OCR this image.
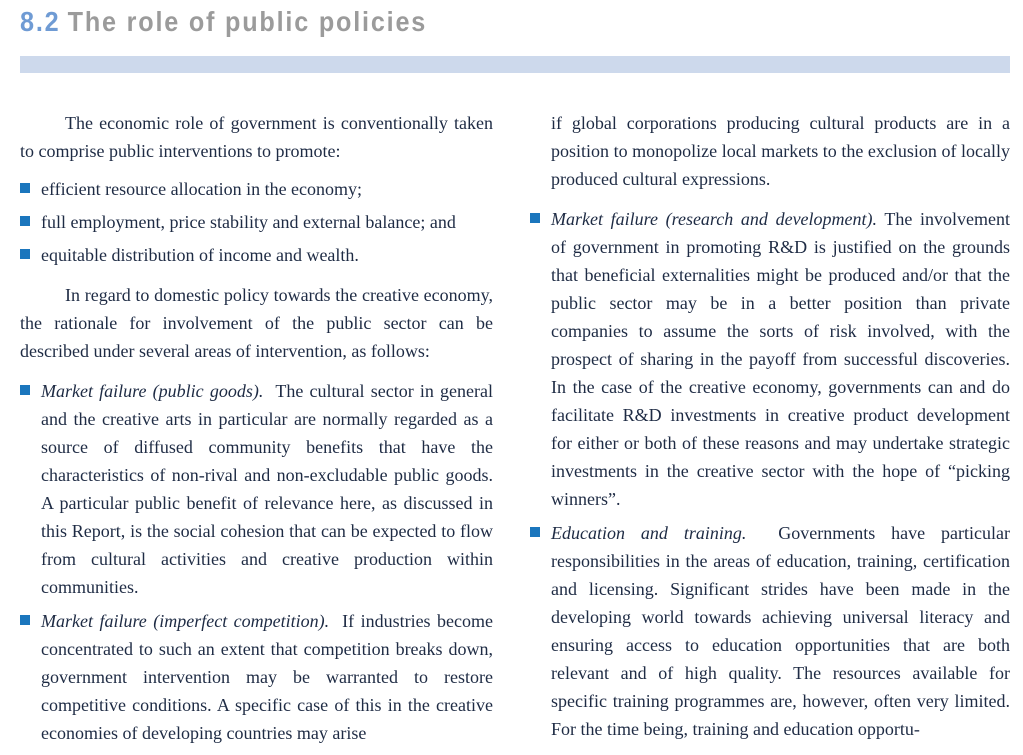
8.2 The role of public policies

The economic role of government is conventionally taken to comprise public interventions to promote:

efficient resource allocation in the economy;
full employment, price stability and external balance; and
equitable distribution of income and wealth.

In regard to domestic policy towards the creative economy, the rationale for involvement of the public sector can be described under several areas of intervention, as follows:

Market failure (public goods). The cultural sector in general and the creative arts in particular are normally regarded as a source of diffused community benefits that have the characteristics of non-rival and non-excludable public goods. A particular public benefit of relevance here, as discussed in this Report, is the social cohesion that can be expected to flow from cultural activities and creative production within communities.
Market failure (imperfect competition). If industries become concentrated to such an extent that competition breaks down, government intervention may be warranted to restore competitive conditions. A specific case of this in the creative economies of developing countries may arise

if global corporations producing cultural products are in a position to monopolize local markets to the exclusion of locally produced cultural expressions.

Market failure (research and development). The involvement of government in promoting R&D is justified on the grounds that beneficial externalities might be produced and/or that the public sector may be in a better position than private companies to assume the sorts of risk involved, with the prospect of sharing in the payoff from successful discoveries. In the case of the creative economy, governments can and do facilitate R&D investments in creative product development for either or both of these reasons and may undertake strategic investments in the creative sector with the hope of “picking winners”.
Education and training. Governments have particular responsibilities in the areas of education, training, certification and licensing. Significant strides have been made in the developing world towards achieving universal literacy and ensuring access to education opportunities that are both relevant and of high quality. The resources available for specific training programmes are, however, often very limited. For the time being, training and education opportu-
